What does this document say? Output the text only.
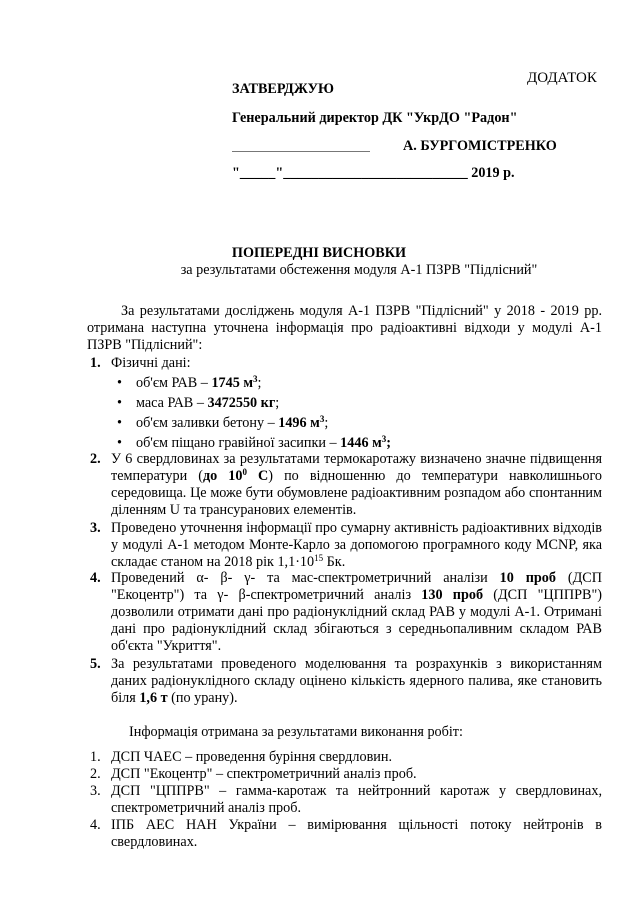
ДОДАТОК
ЗАТВЕРДЖУЮ
Генеральний директор ДК "УкрДО "Радон"
А. БУРГОМІСТРЕНКО
"_____"__________________________ 2019 р.
ПОПЕРЕДНІ ВИСНОВКИ
за результатами обстеження модуля А-1 ПЗРВ "Підлісний"
За результатами досліджень модуля А-1 ПЗРВ "Підлісний" у 2018 - 2019 рр. отримана наступна уточнена інформація про радіоактивні відходи у модулі А-1 ПЗРВ "Підлісний":
1. Фізичні дані:
• об'єм РАВ – 1745 $м^3$;
• маса РАВ – 3472550 кг;
• об'єм заливки бетону – 1496 $м^3$;
• об'єм піщано гравійної засипки – 1446 $м^3$;
2. У 6 свердловинах за результатами термокаротажу визначено значне підвищення температури (до $10^0$ С) по відношенню до температури навколишнього середовища. Це може бути обумовлене радіоактивним розпадом або спонтанним діленням U та трансуранових елементів.
3. Проведено уточнення інформації про сумарну активність радіоактивних відходів у модулі А-1 методом Монте-Карло за допомогою програмного коду MCNP, яка складає станом на 2018 рік $1,1\cdot 10^{15}$ Бк.
4. Проведений α- β- γ- та мас-спектрометричний аналізи 10 проб (ДСП "Екоцентр") та γ- β-спектрометричний аналіз 130 проб (ДСП "ЦППРВ") дозволили отримати дані про радіонуклідний склад РАВ у модулі А-1. Отримані дані про радіонуклідний склад збігаються з середньопаливним складом РАВ об'єкта "Укриття".
5. За результатами проведеного моделювання та розрахунків з використанням даних радіонуклідного складу оцінено кількість ядерного палива, яке становить біля 1,6 т (по урану).
Інформація отримана за результатами виконання робіт:
1. ДСП ЧАЕС – проведення буріння свердловин.
2. ДСП "Екоцентр" – спектрометричний аналіз проб.
3. ДСП "ЦППРВ" – гамма-каротаж та нейтронний каротаж у свердловинах, спектрометричний аналіз проб.
4. ІПБ АЕС НАН України – вимірювання щільності потоку нейтронів в свердловинах.
